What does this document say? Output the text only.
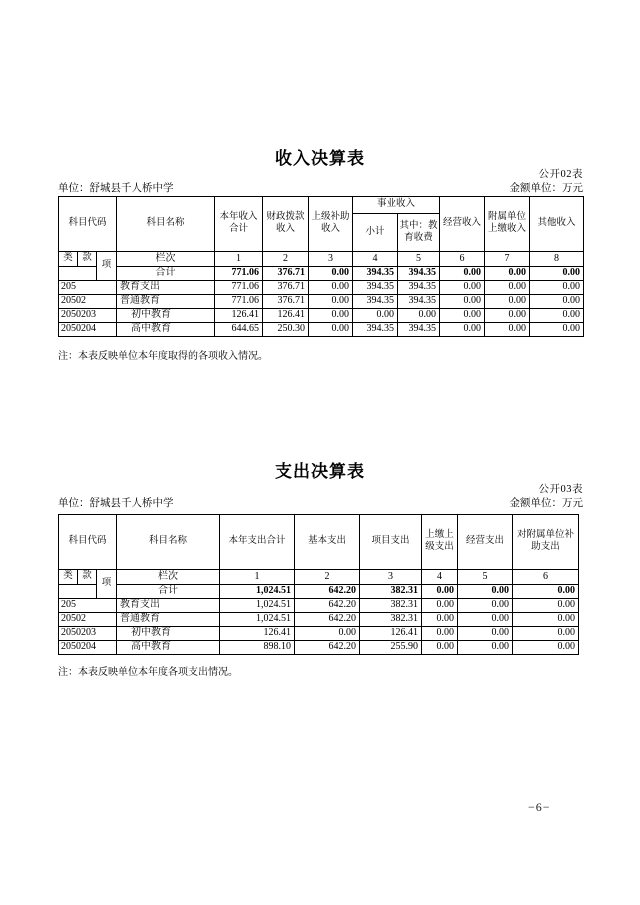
收入决算表
公开02表
单位：舒城县千人桥中学	金额单位：万元
科目代码			科目名称	本年收入合计	财政拨款收入	上级补助收入	事业收入		经营收入	附属单位上缴收入	其他收入
							小计	其中：教育收费			
类	款	项	栏次	1	2	3	4	5	6	7	8
			合计	771.06	376.71	0.00	394.35	394.35	0.00	0.00	0.00
205			教育支出	771.06	376.71	0.00	394.35	394.35	0.00	0.00	0.00
20502			普通教育	771.06	376.71	0.00	394.35	394.35	0.00	0.00	0.00
2050203			初中教育	126.41	126.41	0.00	0.00	0.00	0.00	0.00	0.00
2050204			高中教育	644.65	250.30	0.00	394.35	394.35	0.00	0.00	0.00
注：本表反映单位本年度取得的各项收入情况。
支出决算表
公开03表
单位：舒城县千人桥中学	金额单位：万元
科目代码			科目名称	本年支出合计	基本支出	项目支出	上缴上级支出	经营支出	对附属单位补助支出
类	款	项	栏次	1	2	3	4	5	6
			合计	1,024.51	642.20	382.31	0.00	0.00	0.00
205			教育支出	1,024.51	642.20	382.31	0.00	0.00	0.00
20502			普通教育	1,024.51	642.20	382.31	0.00	0.00	0.00
2050203			初中教育	126.41	0.00	126.41	0.00	0.00	0.00
2050204			高中教育	898.10	642.20	255.90	0.00	0.00	0.00
注：本表反映单位本年度各项支出情况。
−6−
